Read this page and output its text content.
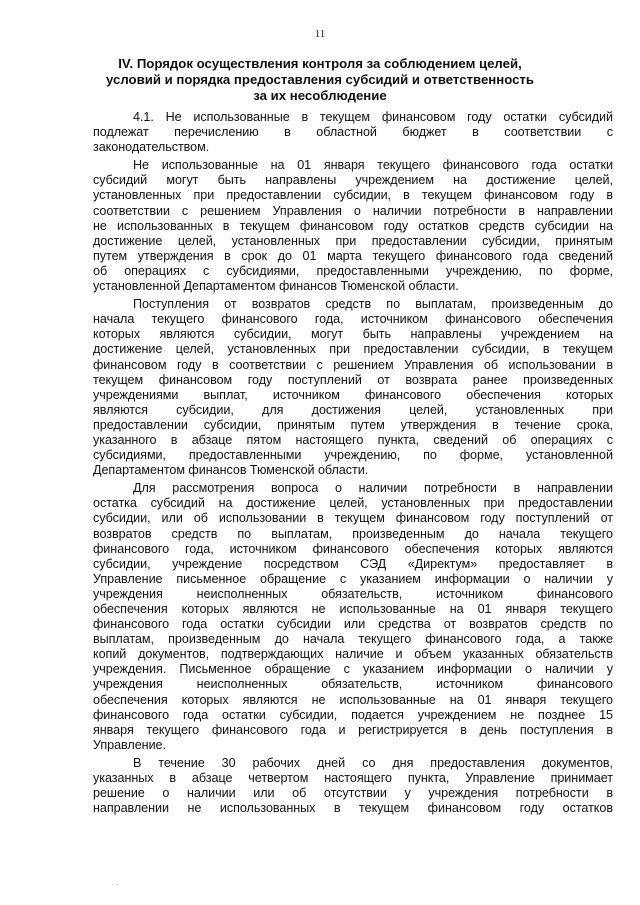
11
IV. Порядок осуществления контроля за соблюдением целей,
условий и порядка предоставления субсидий и ответственность
за их несоблюдение
4.1. Не использованные в текущем финансовом году остатки субсидий
подлежат перечислению в областной бюджет в соответствии с
законодательством.
Не использованные на 01 января текущего финансового года остатки
субсидий могут быть направлены учреждением на достижение целей,
установленных при предоставлении субсидии, в текущем финансовом году в
соответствии с решением Управления о наличии потребности в направлении
не использованных в текущем финансовом году остатков средств субсидии на
достижение целей, установленных при предоставлении субсидии, принятым
путем утверждения в срок до 01 марта текущего финансового года сведений
об операциях с субсидиями, предоставленными учреждению, по форме,
установленной Департаментом финансов Тюменской области.
Поступления от возвратов средств по выплатам, произведенным до
начала текущего финансового года, источником финансового обеспечения
которых являются субсидии, могут быть направлены учреждением на
достижение целей, установленных при предоставлении субсидии, в текущем
финансовом году в соответствии с решением Управления об использовании в
текущем финансовом году поступлений от возврата ранее произведенных
учреждениями выплат, источником финансового обеспечения которых
являются субсидии, для достижения целей, установленных при
предоставлении субсидии, принятым путем утверждения в течение срока,
указанного в абзаце пятом настоящего пункта, сведений об операциях с
субсидиями, предоставленными учреждению, по форме, установленной
Департаментом финансов Тюменской области.
Для рассмотрения вопроса о наличии потребности в направлении
остатка субсидий на достижение целей, установленных при предоставлении
субсидии, или об использовании в текущем финансовом году поступлений от
возвратов средств по выплатам, произведенным до начала текущего
финансового года, источником финансового обеспечения которых являются
субсидии, учреждение посредством СЭД «Директум» предоставляет в
Управление письменное обращение с указанием информации о наличии у
учреждения неисполненных обязательств, источником финансового
обеспечения которых являются не использованные на 01 января текущего
финансового года остатки субсидии или средства от возвратов средств по
выплатам, произведенным до начала текущего финансового года, а также
копий документов, подтверждающих наличие и объем указанных обязательств
учреждения. Письменное обращение с указанием информации о наличии у
учреждения неисполненных обязательств, источником финансового
обеспечения которых являются не использованные на 01 января текущего
финансового года остатки субсидии, подается учреждением не позднее 15
января текущего финансового года и регистрируется в день поступления в
Управление.
В течение 30 рабочих дней со дня предоставления документов,
указанных в абзаце четвертом настоящего пункта, Управление принимает
решение о наличии или об отсутствии у учреждения потребности в
направлении не использованных в текущем финансовом году остатков
·
